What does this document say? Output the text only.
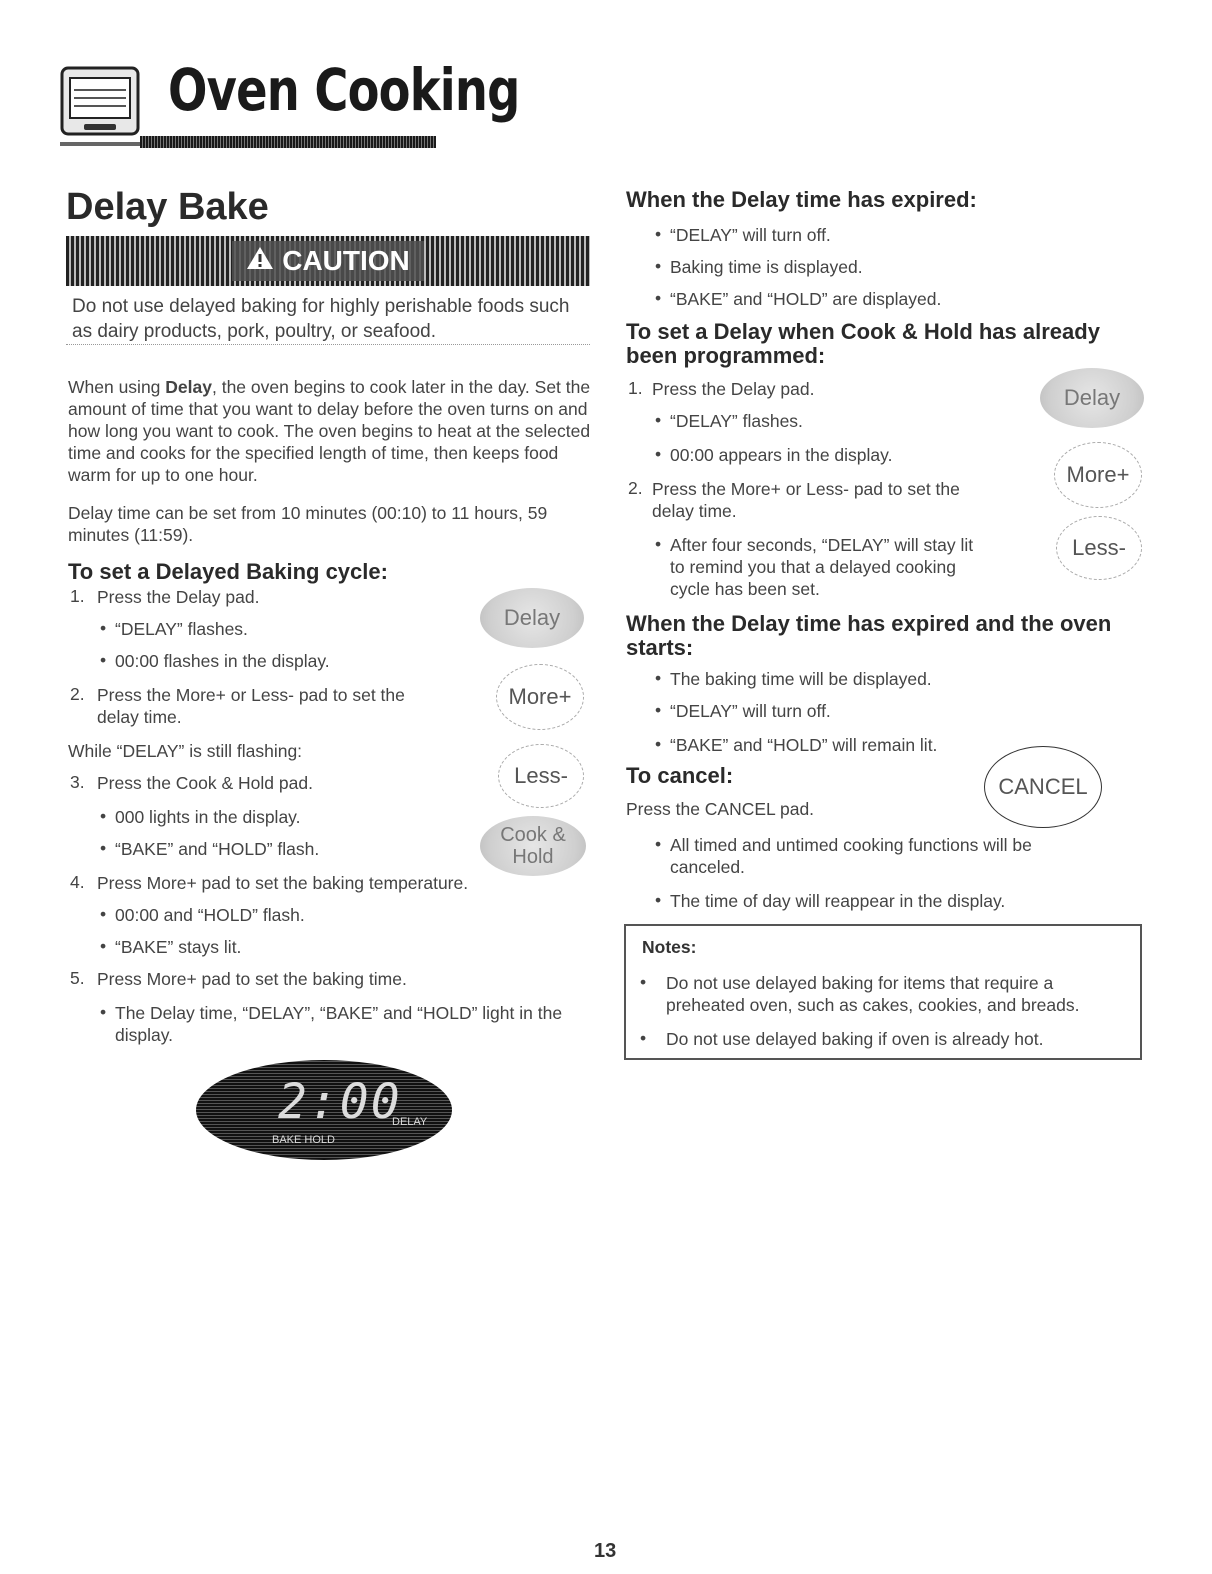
Oven Cooking
Delay Bake
CAUTION
Do not use delayed baking for highly perishable foods such as dairy products, pork, poultry, or seafood.
When using Delay, the oven begins to cook later in the day. Set the amount of time that you want to delay before the oven turns on and how long you want to cook. The oven begins to heat at the selected time and cooks for the specified length of time, then keeps food warm for up to one hour.
Delay time can be set from 10 minutes (00:10) to 11 hours, 59 minutes (11:59).
To set a Delayed Baking cycle:
1. Press the Delay pad.
• “DELAY” flashes.
• 00:00 flashes in the display.
2. Press the More+ or Less- pad to set the delay time.
While “DELAY” is still flashing:
3. Press the Cook & Hold pad.
• 000 lights in the display.
• “BAKE” and “HOLD” flash.
4. Press More+ pad to set the baking temperature.
• 00:00 and “HOLD” flash.
• “BAKE” stays lit.
5. Press More+ pad to set the baking time.
• The Delay time, “DELAY”, “BAKE” and “HOLD” light in the display.
Delay
More+
Less-
Cook &
Hold
2:00
DELAY
BAKE HOLD
When the Delay time has expired:
• “DELAY” will turn off.
• Baking time is displayed.
• “BAKE” and “HOLD” are displayed.
To set a Delay when Cook & Hold has already been programmed:
1. Press the Delay pad.
• “DELAY” flashes.
• 00:00 appears in the display.
2. Press the More+ or Less- pad to set the delay time.
• After four seconds, “DELAY” will stay lit to remind you that a delayed cooking cycle has been set.
Delay
More+
Less-
When the Delay time has expired and the oven starts:
• The baking time will be displayed.
• “DELAY” will turn off.
• “BAKE” and “HOLD” will remain lit.
To cancel:
Press the CANCEL pad.
CANCEL
• All timed and untimed cooking functions will be canceled.
• The time of day will reappear in the display.
Notes:
• Do not use delayed baking for items that require a preheated oven, such as cakes, cookies, and breads.
• Do not use delayed baking if oven is already hot.
13
